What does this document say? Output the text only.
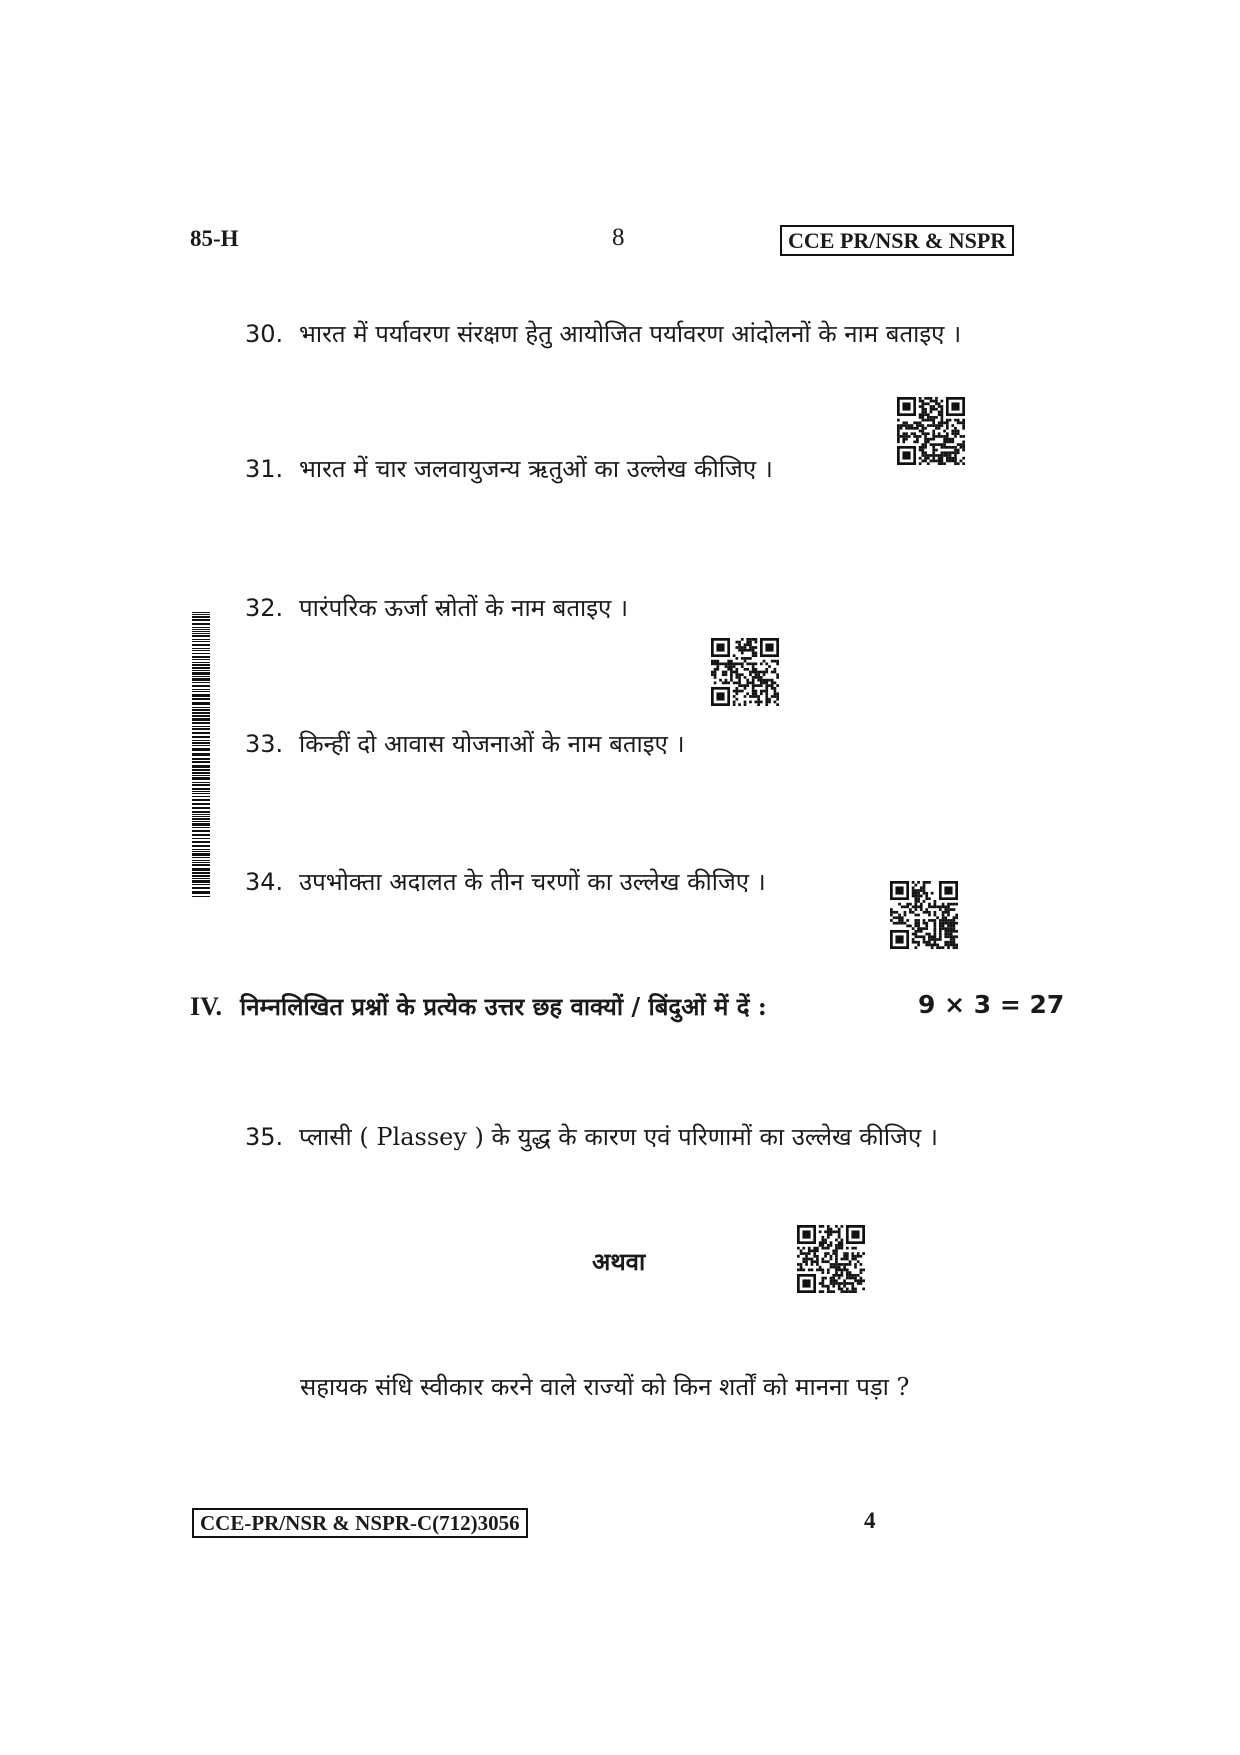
85-H	8	CCE PR/NSR & NSPR
30. भारत में पर्यावरण संरक्षण हेतु आयोजित पर्यावरण आंदोलनों के नाम बताइए ।
31. भारत में चार जलवायुजन्य ऋतुओं का उल्लेख कीजिए ।
32. पारंपरिक ऊर्जा स्रोतों के नाम बताइए ।
33. किन्हीं दो आवास योजनाओं के नाम बताइए ।
34. उपभोक्ता अदालत के तीन चरणों का उल्लेख कीजिए ।
IV. निम्नलिखित प्रश्नों के प्रत्येक उत्तर छह वाक्यों / बिंदुओं में दें :	9 × 3 = 27
35. प्लासी ( Plassey ) के युद्ध के कारण एवं परिणामों का उल्लेख कीजिए ।
अथवा
सहायक संधि स्वीकार करने वाले राज्यों को किन शर्तों को मानना पड़ा ?
CCE-PR/NSR & NSPR-C(712)3056	4
